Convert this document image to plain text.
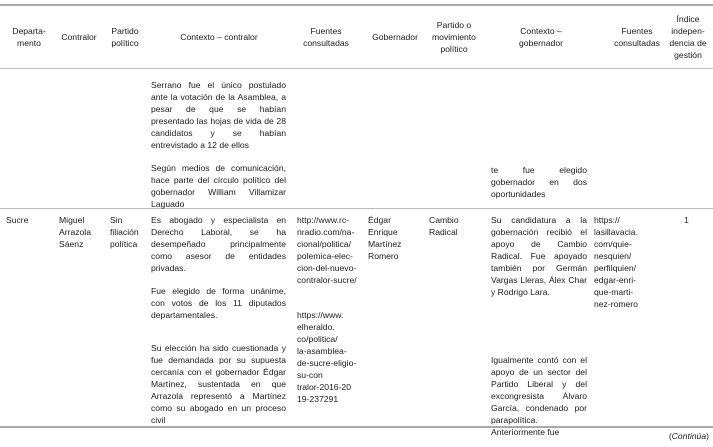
Departa-
mento
Contralor
Partido
político
Contexto – contralor
Fuentes
consultadas
Gobernador
Partido o
movimiento
político
Contexto –
gobernador
Fuentes
consultadas
Índice
indepen-
dencia de
gestión
Serrano fue el único postulado ante la votación de la Asamblea, a pesar de que se habían presentado las hojas de vida de 28 candidatos y se habían entrevistado a 12 de ellos
Según medios de comunicación, hace parte del círculo político del gobernador William Villamizar Laguado
te fue elegido gobernador en dos oportunidades
Sucre	Miguel
Arrazola
Sáenz
Sin
filiación
política
Es abogado y especialista en Derecho Laboral, se ha desempeñado principalmente como asesor de entidades privadas.
Fue elegido de forma unánime, con votos de los 11 diputados departamentales.
Su elección ha sido cuestionada y fue demandada por su supuesta cercanía con el gobernador Édgar Martínez, sustentada en que Arrazola representó a Martínez como su abogado en un proceso civil
http://www.rc-
nradio.com/na-
cional/politica/
polemica-elec-
cion-del-nuevo-
contralor-sucre/
https://www.
elheraldo.
co/politica/
la-asamblea-
de-sucre-eligio-
su-con
tralor-2016-20
19-237291
Édgar
Enrique
Martínez
Romero
Cambio
Radical
Su candidatura a la gobernación recibió el apoyo de Cambio Radical. Fue apoyado también por Germán Vargas Lleras, Álex Char y Rodrigo Lara.
Igualmente contó con el apoyo de un sector del Partido Liberal y del excongresista Álvaro García, condenado por parapolítica. Anteriormente fue
https://
lasillavacia.
com/quie-
nesquien/
perfilquien/
edgar-enri-
que-marti-
nez-romero
1
(Continúa)
